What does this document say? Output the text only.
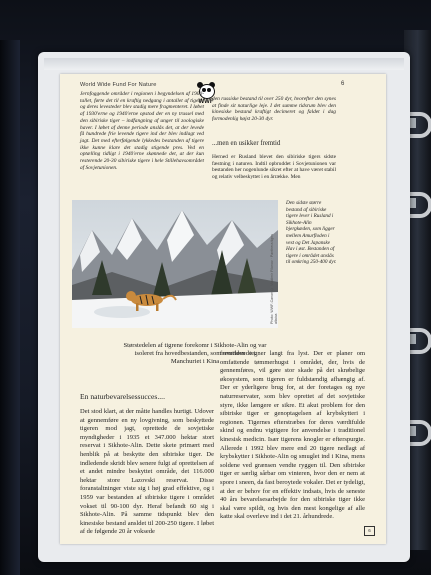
World Wide Fund For Nature
WWF
6

Jernfoggende områder i regionen i begyndelsen af 1900-tallet, førte det til en kraftig nedgang i antallet af tigere, og deres levesteder blev stadig mere fragmenteret. I løbet af 1930'erne og 1940'erne opstod der en ny trussel med den sibiriske tiger – indfangning af unger til zoologiske haver. I løbet af denne periode anslås det, at der levede få hundrede frie levende tigere ind der blev indlagt ved jagt. Det med efterfølgende lykkedes bestanden af tigere ikke kunne klare det stadig stigende pres. Ved en optælling tidligt i 1940'erne skønnede det, at der kun resterende 20-30 sibiriske tigere i hele Stillehavsområdet af Sovjetunionen.

den russiske bestand til over 250 dyr, hvorefter den synes at finde sit naturlige leje. I det summe tidsrum blev den kinesiske bestand kraftigt decimeret og faldet i dag formodenlig højst 20-30 dyr.

...men en usikker fremtid

Herned er Rusland blevet den sibiriske tigers sidste fæstning i naturen. Indtil opbruddet i Sovjetunionen var bestanden her nogenlunde sikret efter at have været stabil og relativ velbeskyttet i en årrække. Men

Photo: WWF-Canon © Vladimir Filonov · Panthera tigris altaica
Den sidste større bestand af sibiriske tigere lever i Rusland i Sikhote-Alin bjergkæden, som ligger mellem Amurfloden i vest og Det Japanske Hav i øst. Bestanden af tigere i området anslås til omkring 250-400 dyr.
Størstedelen af tigrene forekomr i Sikhote-Alin og var isoleret fra hovedbestanden, som overlevede i Manchuriet i Kina
En naturbevarelsessucces....

Det stod klart, at der måtte handles hurtigt. Udover at gennemføre en ny lovgivning, som beskyttede tigeren mod jagt, oprettede de sovjetiske myndigheder i 1935 et 347.000 hektar stort reservat i Sikhote-Alin. Dette skete primært med henblik på at beskytte den sibiriske tiger. De indledende skridt blev senere fulgt af oprettelsen af et andet mindre beskyttet område, det 116.000 hektar store Lazovski reservat. Disse foranstaltninger viste sig i høj grad effektive, og i 1959 var bestanden af sibiriske tigere i området vokset til 90-100 dyr. Heraf befandt 60 sig i Sikhote-Alin. På samme tidspunkt blev den kinesiske bestand ansldet til 200-250 tigere. I løbet af de følgende 20 år voksede

fremtiden tegner langt fra lyst. Der er planer om omfattende tømmerhugst i området, der, hvis de gennemføres, vil gøre stor skade på det skrøbelige økosystem, som tigeren er fuldstændig afhængig af. Der er yderligere brug for, at der foretages og nye naturreservater, som blev oprettet af det sovjetiske styre, ikke længere er sikre. Et akut problem for den sibiriske tiger er genoptagelsen af krybskytteri i regionen. Tigernes efterstræbes for deres værdifulde skind og endnu vigtigere for anvendelse i traditionel kinesisk medicin. Især tigerens knogler er efterspurgte. Allerede i 1992 blev mere end 20 tigere nedlagt af krybskytter i Sikhote-Alin og smuglet ind i Kina, mens soldene ved grænsen vendte ryggen til. Den sibiriske tiger er særlig sårbar om vinteren, hvor den er nem at spore i sneen, da fast beroytede vokaler. Det er tydeligt, at der er behov for en effektiv indsats, hvis de seneste 40 års bevarelsesarbejde for den sibiriske tiger ikke skal være spildt, og hvis den mest kongelige af alle katte skal overleve ind i det 21. århundrede.

6
